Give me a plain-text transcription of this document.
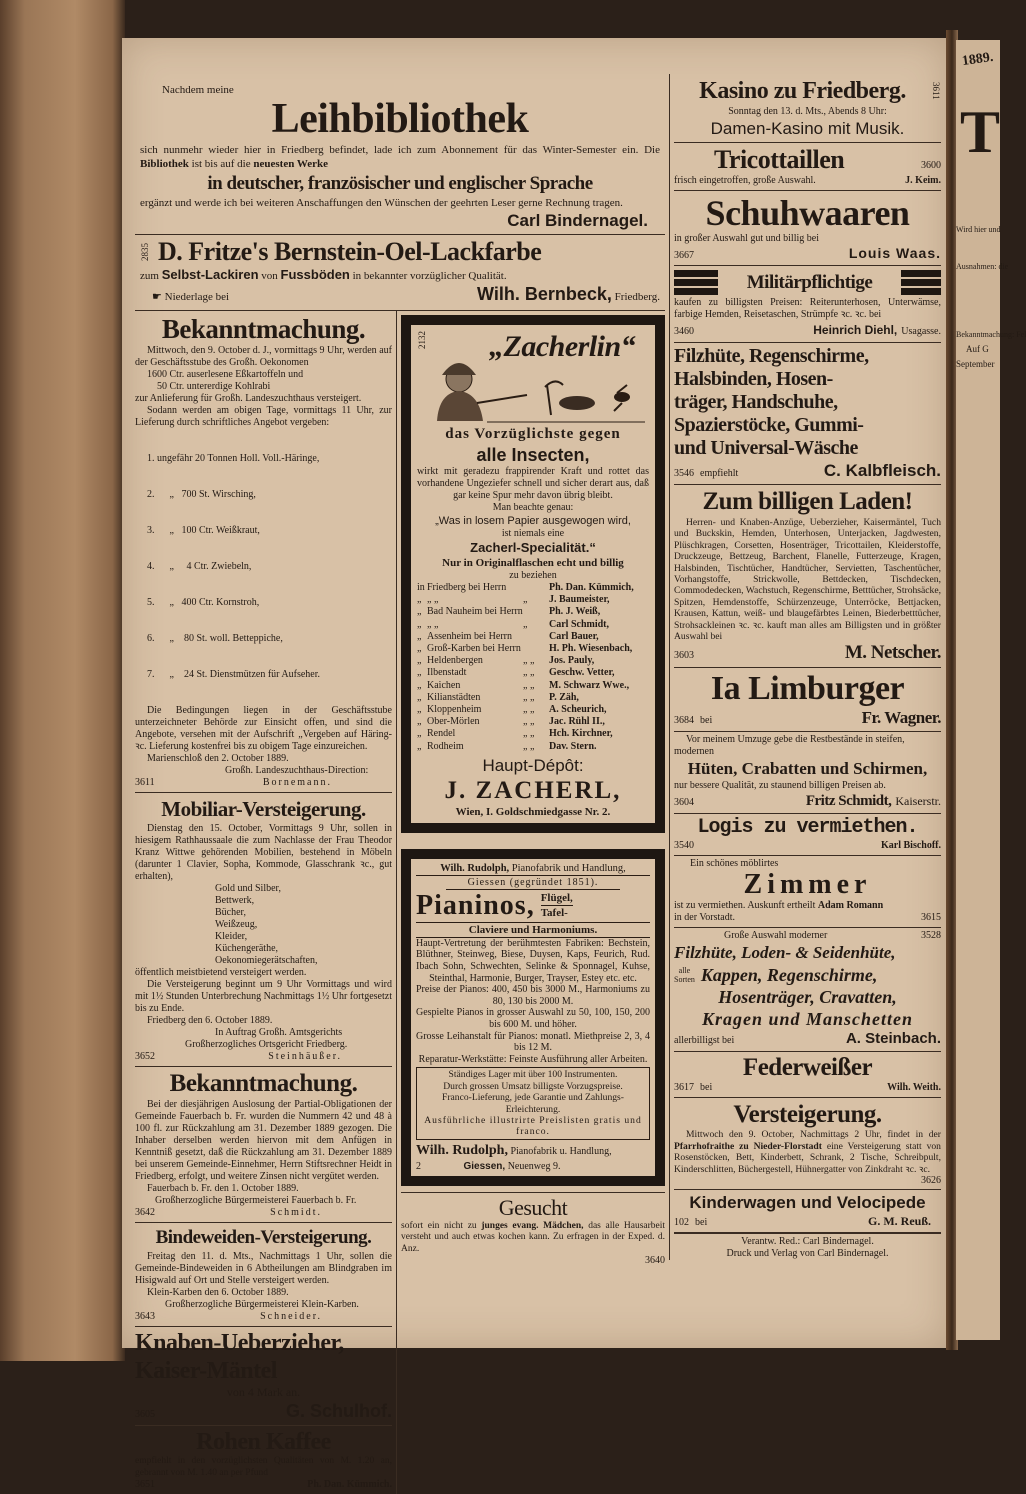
1889.
T
Wird hier und
Ausnahmen: die
Bekanntmachung: Fel
Auf G
September
Nachdem meine
Leihbibliothek
sich nunmehr wieder hier in Friedberg befindet, lade ich zum Abonnement für das Winter-Semester ein. Die Bibliothek ist bis auf die neuesten Werke
in deutscher, französischer und englischer Sprache
ergänzt und werde ich bei weiteren Anschaffungen den Wünschen der geehrten Leser gerne Rechnung tragen.
Carl Bindernagel.
2835 D. Fritze's Bernstein-Oel-Lackfarbe
zum Selbst-Lackiren von Fussböden in bekannter vorzüglicher Qualität.
☛ Niederlage bei	Wilh. Bernbeck, Friedberg.
Bekanntmachung.
Mittwoch, den 9. October d. J., vormittags 9 Uhr, werden auf der Geschäftsstube des Großh. Oekonomen
1600 Ctr. auserlesene Eßkartoffeln und
50 Ctr. untererdige Kohlrabi
zur Anlieferung für Großh. Landeszuchthaus versteigert.
Sodann werden am obigen Tage, vormittags 11 Uhr, zur Lieferung durch schriftliches Angebot vergeben:

1. ungefähr 20 Tonnen Holl. Voll.-Häringe,

2.      „   700 St. Wirsching,

3.      „   100 Ctr. Weißkraut,

4.      „     4 Ctr. Zwiebeln,

5.      „   400 Ctr. Kornstroh,

6.      „    80 St. woll. Betteppiche,

7.      „    24 St. Dienstmützen für Aufseher.

Die Bedingungen liegen in der Geschäftsstube unterzeichneter Behörde zur Einsicht offen, und sind die Angebote, versehen mit der Aufschrift „Vergeben auf Häring- ꝛc. Lieferung kostenfrei bis zu obigem Tage einzureichen.
Marienschloß den 2. October 1889.
Großh. Landeszuchthaus-Direction:
3611	Bornemann.
Mobiliar-Versteigerung.
Dienstag den 15. October, Vormittags 9 Uhr, sollen in hiesigem Rathhaussaale die zum Nachlasse der Frau Theodor Kranz Wittwe gehörenden Mobilien, bestehend in Möbeln (darunter 1 Clavier, Sopha, Kommode, Glasschrank ꝛc., gut erhalten),
Gold und Silber,
Bettwerk,
Bücher,
Weißzeug,
Kleider,
Küchengeräthe,
Oekonomiegerätschaften,
öffentlich meistbietend versteigert werden.
Die Versteigerung beginnt um 9 Uhr Vormittags und wird mit 1½ Stunden Unterbrechung Nachmittags 1½ Uhr fortgesetzt bis zu Ende.
Friedberg den 6. October 1889.
In Auftrag Großh. Amtsgerichts
Großherzogliches Ortsgericht Friedberg.
3652	Steinhäußer.
Bekanntmachung.
Bei der diesjährigen Auslosung der Partial-Obligationen der Gemeinde Fauerbach b. Fr. wurden die Nummern 42 und 48 à 100 fl. zur Rückzahlung am 31. Dezember 1889 gezogen. Die Inhaber derselben werden hiervon mit dem Anfügen in Kenntniß gesetzt, daß die Rückzahlung am 31. Dezember 1889 bei unserem Gemeinde-Einnehmer, Herrn Stiftsrechner Heidt in Friedberg, erfolgt, und weitere Zinsen nicht vergütet werden.
Fauerbach b. Fr. den 1. October 1889.
Großherzogliche Bürgermeisterei Fauerbach b. Fr.
3642	Schmidt.
Bindeweiden-Versteigerung.
Freitag den 11. d. Mts., Nachmittags 1 Uhr, sollen die Gemeinde-Bindeweiden in 6 Abtheilungen am Blindgraben im Hisigwald auf Ort und Stelle versteigert werden.
Klein-Karben den 6. October 1889.
Großherzogliche Bürgermeisterei Klein-Karben.
3643	Schneider.
Knaben-Ueberzieher,
Kaiser-Mäntel
von 4 Mark an.
3605	G. Schulhof.
Rohen Kaffee
empfiehlt in den vorzüglichsten Qualitäten von M. 1.20 an, gebrannt von M. 1.40 an per Pfund
3651	Ph. Dan. Kümmich.
2132 „Zacherlin“
das Vorzüglichste gegen
alle Insecten,
wirkt mit geradezu frappirender Kraft und rottet das vorhandene Ungeziefer schnell und sicher derart aus, daß gar keine Spur mehr davon übrig bleibt.
Man beachte genau:
„Was in losem Papier ausgewogen wird,
ist niemals eine
Zacherl-Specialität.“
Nur in Originalflaschen echt und billig
zu beziehen
in Friedberg bei Herrn	Ph. Dan. Kümmich,
„ „ „	„	J. Baumeister,
„ Bad Nauheim bei Herrn	Ph. J. Weiß,
„ „ „	„	Carl Schmidt,
„ Assenheim bei Herrn	Carl Bauer,
„ Groß-Karben bei Herrn	H. Ph. Wiesenbach,
„ Heldenbergen	„ „	Jos. Pauly,
„ Ilbenstadt	„ „	Geschw. Vetter,
„ Kaichen	„ „	M. Schwarz Wwe.,
„ Kilianstädten	„ „	P. Zäh,
„ Kloppenheim	„ „	A. Scheurich,
„ Ober-Mörlen	„ „	Jac. Rühl II.,
„ Rendel	„ „	Hch. Kirchner,
„ Rodheim	„ „	Dav. Stern.
Haupt-Dépôt:
J. ZACHERL,
Wien, I. Goldschmiedgasse Nr. 2.
Wilh. Rudolph, Pianofabrik und Handlung,
Giessen (gegründet 1851).
Pianinos, Flügel,
Tafel-
Claviere und Harmoniums.
Haupt-Vertretung der berühmtesten Fabriken: Bechstein, Blüthner, Steinweg, Biese, Duysen, Kaps, Feurich, Rud. Ibach Sohn, Schwechten, Selinke & Sponnagel, Kuhse, Steinthal, Harmonie, Burger, Trayser, Estey etc. etc.
Preise der Pianos: 400, 450 bis 3000 M., Harmoniums zu 80, 130 bis 2000 M.
Gespielte Pianos in grosser Auswahl zu 50, 100, 150, 200 bis 600 M. und höher.
Grosse Leihanstalt für Pianos: monatl. Miethpreise 2, 3, 4 bis 12 M.
Reparatur-Werkstätte: Feinste Ausführung aller Arbeiten.
Ständiges Lager mit über 100 Instrumenten.
Durch grossen Umsatz billigste Vorzugspreise.
Franco-Lieferung, jede Garantie und Zahlungs-Erleichterung.
Ausführliche illustrirte Preislisten gratis und franco.
Wilh. Rudolph, Pianofabrik u. Handlung,
2	Giessen, Neuenweg 9.
Gesucht
sofort ein nicht zu junges evang. Mädchen, das alle Hausarbeit versteht und auch etwas kochen kann. Zu erfragen in der Exped. d. Anz.
3640
Kasino zu Friedberg.	3611
Sonntag den 13. d. Mts., Abends 8 Uhr:
Damen-Kasino mit Musik.
Tricottaillen	3600
frisch eingetroffen, große Auswahl.	J. Keim.
Schuhwaaren
in großer Auswahl gut und billig bei
3667	Louis Waas.
Militärpflichtige
kaufen zu billigsten Preisen: Reiterunterhosen, Unterwämse, farbige Hemden, Reisetaschen, Strümpfe ꝛc. ꝛc. bei
3460	Heinrich Diehl, Usagasse.
Filzhüte, Regenschirme,
Halsbinden, Hosen-
träger, Handschuhe,
Spazierstöcke, Gummi-
und Universal-Wäsche
3546 empfiehlt	C. Kalbfleisch.
Zum billigen Laden!
Herren- und Knaben-Anzüge, Ueberzieher, Kaisermäntel, Tuch und Buckskin, Hemden, Unterhosen, Unterjacken, Jagdwesten, Plüschkragen, Corsetten, Hosenträger, Tricottailen, Kleiderstoffe, Druckzeuge, Bettzeug, Barchent, Flanelle, Futterzeuge, Kragen, Halsbinden, Tischtücher, Handtücher, Servietten, Taschentücher, Vorhangstoffe, Strickwolle, Bettdecken, Tischdecken, Commodedecken, Wachstuch, Regenschirme, Betttücher, Strohsäcke, Spitzen, Hemdenstoffe, Schürzenzeuge, Unterröcke, Bettjacken, Krausen, Kattun, weiß- und blaugefärbtes Leinen, Biederbetttücher, Strohsackleinen ꝛc. ꝛc. kauft man alles am Billigsten und in größter Auswahl bei
3603	M. Netscher.
Ia Limburger
3684 bei	Fr. Wagner.
Vor meinem Umzuge gebe die Restbestände in steifen, modernen
Hüten, Crabatten und Schirmen,
nur bessere Qualität, zu staunend billigen Preisen ab.
3604	Fritz Schmidt, Kaiserstr.
Logis zu vermiethen.
3540	Karl Bischoff.
Ein schönes möblirtes
Zimmer
ist zu vermiethen. Auskunft ertheilt Adam Romann
in der Vorstadt.	3615
Große Auswahl moderner	3528
Filzhüte, Loden- & Seidenhüte,
alle
Sorten Kappen, Regenschirme,
Hosenträger, Cravatten,
Kragen und Manschetten
allerbilligst bei	A. Steinbach.
Federweißer
3617 bei	Wilh. Weith.
Versteigerung.
Mittwoch den 9. October, Nachmittags 2 Uhr, findet in der Pfarrhofraithe zu Nieder-Florstadt eine Versteigerung statt von Rosenstöcken, Bett, Kinderbett, Schrank, 2 Tische, Schreibpult, Kinderschlitten, Büchergestell, Hühnergatter von Zinkdraht ꝛc. ꝛc.
3626
Kinderwagen und Velocipede
102 bei	G. M. Reuß.
Verantw. Red.: Carl Bindernagel.
Druck und Verlag von Carl Bindernagel.
